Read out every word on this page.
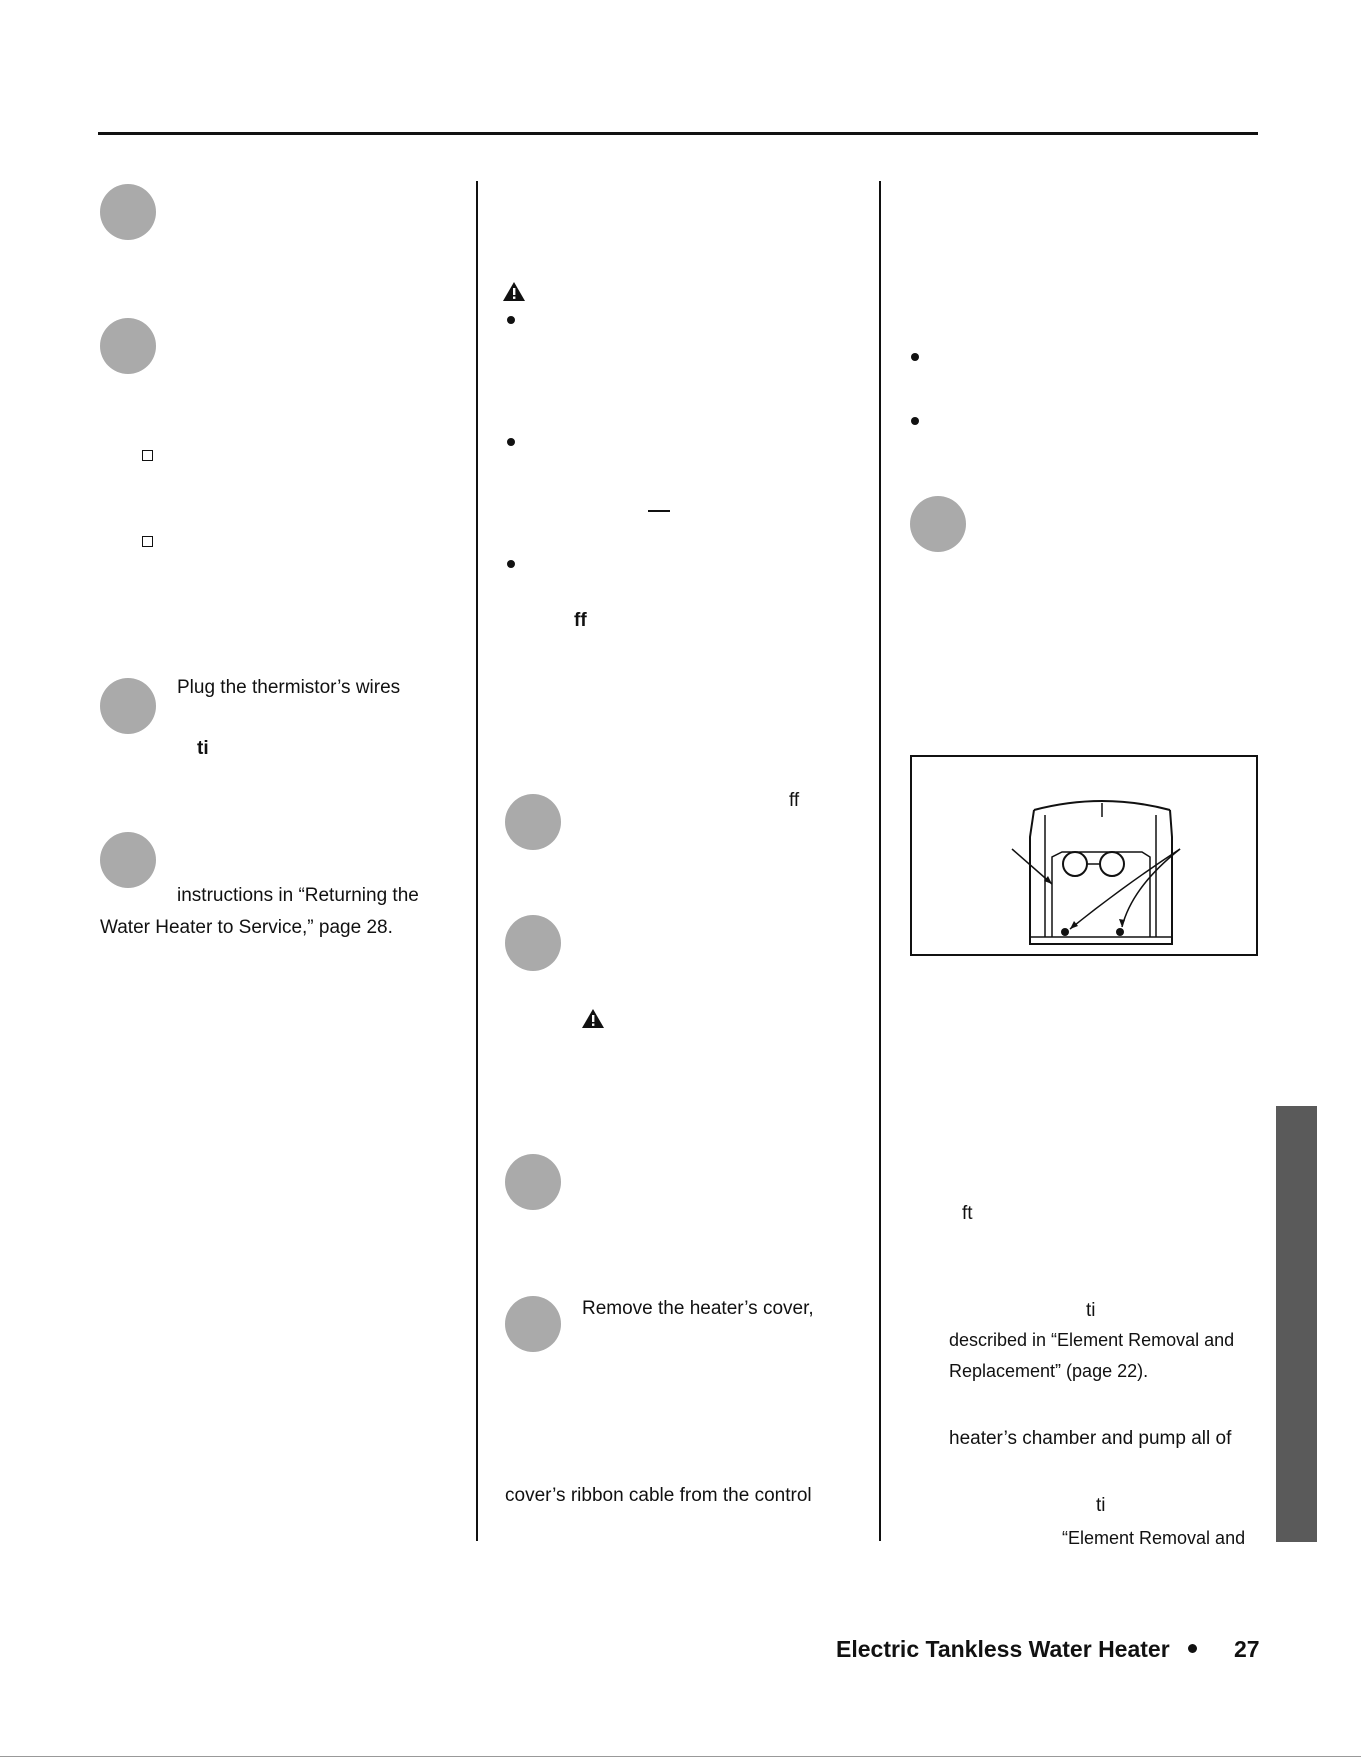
Plug the thermistor’s wires
ti
instructions in “Returning the
Water Heater to Service,” page 28.
ff
ff
Remove the heater’s cover,
cover’s ribbon cable from the control
ft
ti
described in “Element Removal and
Replacement” (page 22).
heater’s chamber and pump all of
ti
“Element Removal and
Electric Tankless Water Heater	27
